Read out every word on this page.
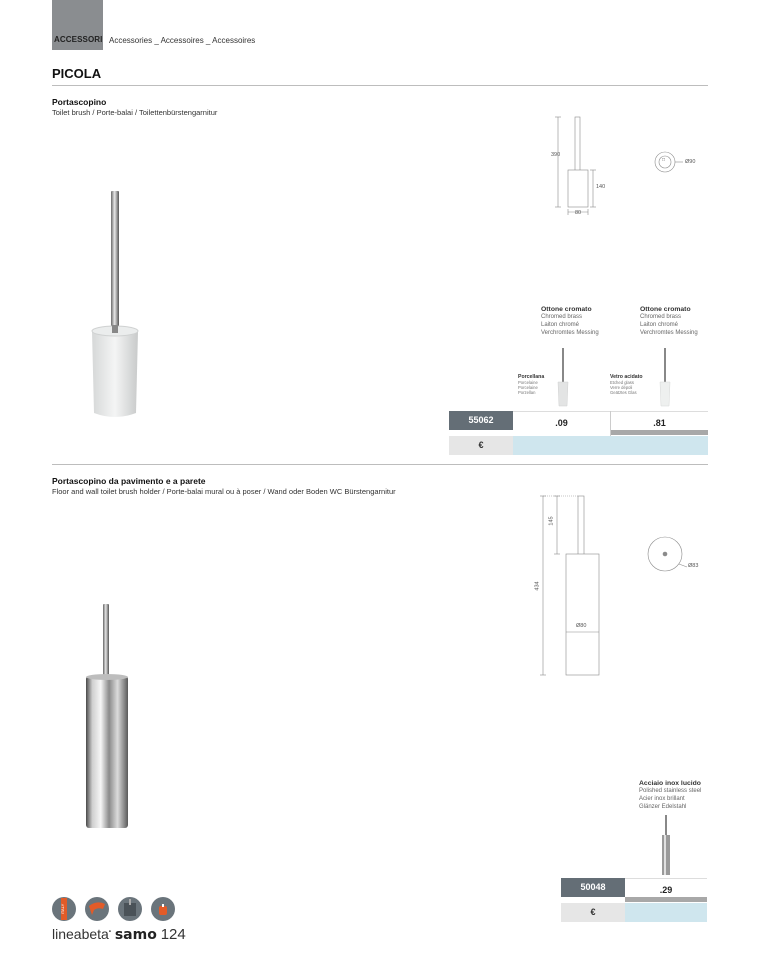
ACCESSORI Accessories _ Accessoires _ Accessoires
PICOLA
Portascopino
Toilet brush / Porte-balai / Toilettenbürstengarnitur
390
140
80
Ø90
□
Ottone cromato
Chromed brass
Laiton chromé
Verchromtes Messing
Ottone cromato
Chromed brass
Laiton chromé
Verchromtes Messing
Porcellana
Porcelaine
Porcelaine
Porzellan
Vetro acidato
Etched glass
Verre dépoli
Geätztes Glas
55062	.09	.81
€
Portascopino da pavimento e a parete
Floor and wall toilet brush holder / Porte-balai mural ou à poser / Wand oder Boden WC Bürstengarnitur
145
434
Ø80
Ø83
Acciaio inox lucido
Polished stainless steel
Acier inox brillant
Glänzer Edelstahl
50048	.29
€
ITALY
lineabeta• samo 124
